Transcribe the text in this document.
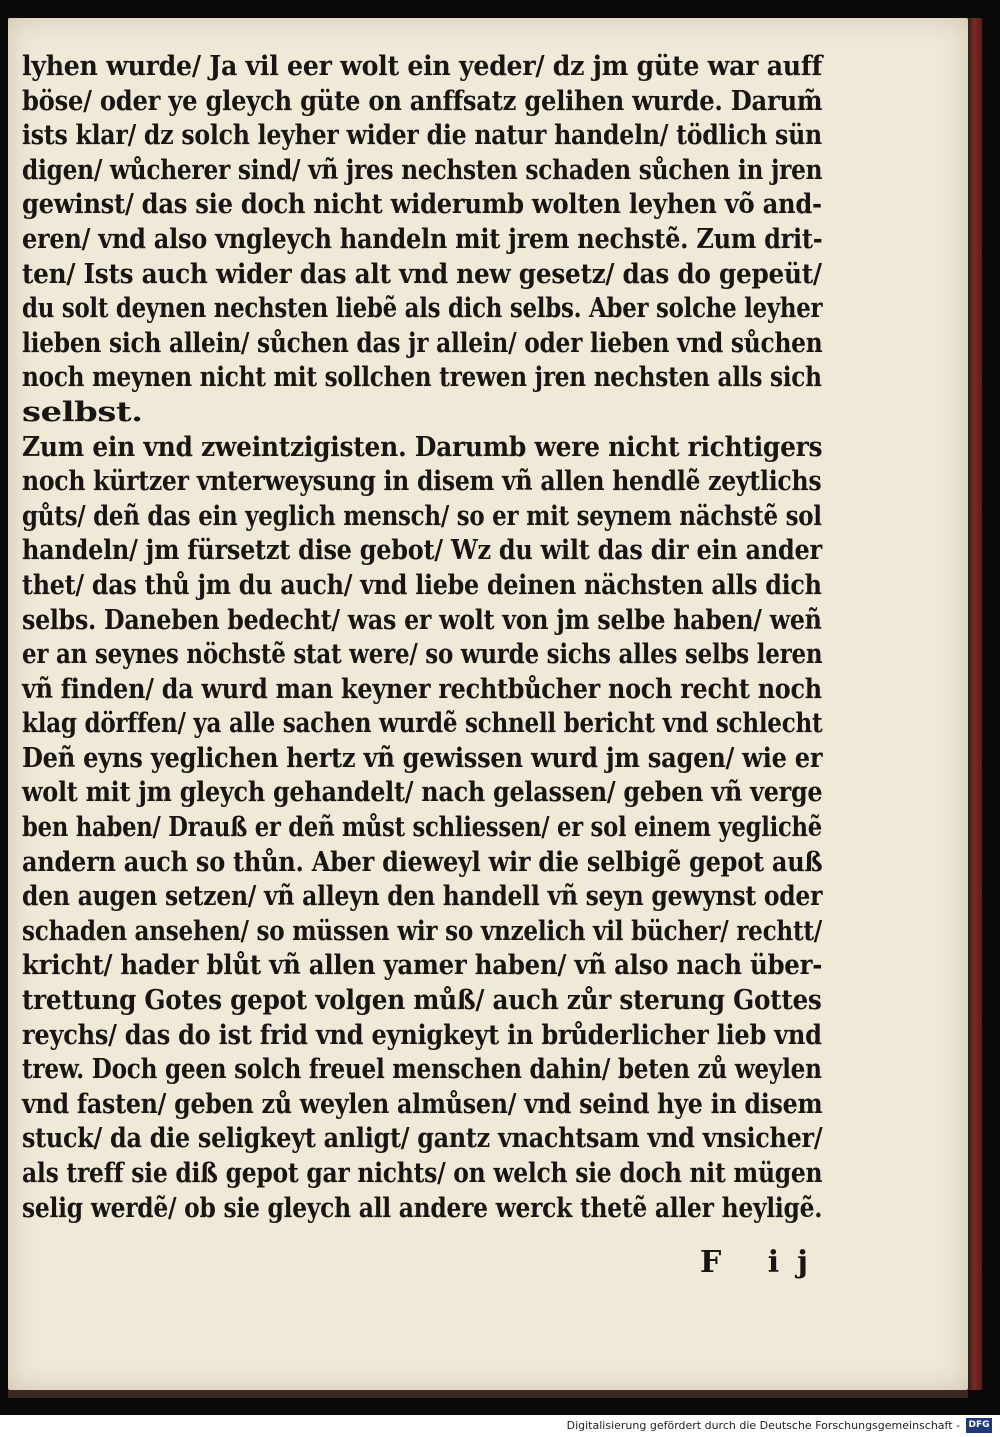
lyhen wurde/ Ja vil eer wolt ein yeder/ dz jm güte war auff
böse/ oder ye gleych güte on anffsatz gelihen wurde. Darum̃
ists klar/ dz solch leyher wider die natur handeln/ tödlich sün
digen/ wůcherer sind/ vñ jres nechsten schaden sůchen in jren
gewinst/ das sie doch nicht widerumb wolten leyhen võ and-
eren/ vnd also vngleych handeln mit jrem nechstẽ. Zum drit-
ten/ Ists auch wider das alt vnd new gesetz/ das do gepeüt/
du solt deynen nechsten liebẽ als dich selbs. Aber solche leyher
lieben sich allein/ sůchen das jr allein/ oder lieben vnd sůchen
noch meynen nicht mit sollchen trewen jren nechsten alls sich
selbst.
Zum ein vnd zweintzigisten. Darumb were nicht richtigers
noch kürtzer vnterweysung in disem vñ allen hendlẽ zeytlichs
gůts/ deñ das ein yeglich mensch/ so er mit seynem nächstẽ sol
handeln/ jm fürsetzt dise gebot/ Wz du wilt das dir ein ander
thet/ das thů jm du auch/ vnd liebe deinen nächsten alls dich
selbs. Daneben bedecht/ was er wolt von jm selbe haben/ weñ
er an seynes nöchstẽ stat were/ so wurde sichs alles selbs leren
vñ finden/ da wurd man keyner rechtbůcher noch recht noch
klag dörffen/ ya alle sachen wurdẽ schnell bericht vnd schlecht
Deñ eyns yeglichen hertz vñ gewissen wurd jm sagen/ wie er
wolt mit jm gleych gehandelt/ nach gelassen/ geben vñ verge
ben haben/ Drauß er deñ můst schliessen/ er sol einem yeglichẽ
andern auch so thůn. Aber dieweyl wir die selbigẽ gepot auß
den augen setzen/ vñ alleyn den handell vñ seyn gewynst oder
schaden ansehen/ so müssen wir so vnzelich vil bücher/ rechtt/
kricht/ hader blůt vñ allen yamer haben/ vñ also nach über-
trettung Gotes gepot volgen můß/ auch zůr sterung Gottes
reychs/ das do ist frid vnd eynigkeyt in brůderlicher lieb vnd
trew. Doch geen solch freuel menschen dahin/ beten zů weylen
vnd fasten/ geben zů weylen almůsen/ vnd seind hye in disem
stuck/ da die seligkeyt anligt/ gantz vnachtsam vnd vnsicher/
als treff sie diß gepot gar nichts/ on welch sie doch nit mügen
selig werdẽ/ ob sie gleych all andere werck thetẽ aller heyligẽ.
F ij
Digitalisierung gefördert durch die Deutsche Forschungsgemeinschaft - DFG
